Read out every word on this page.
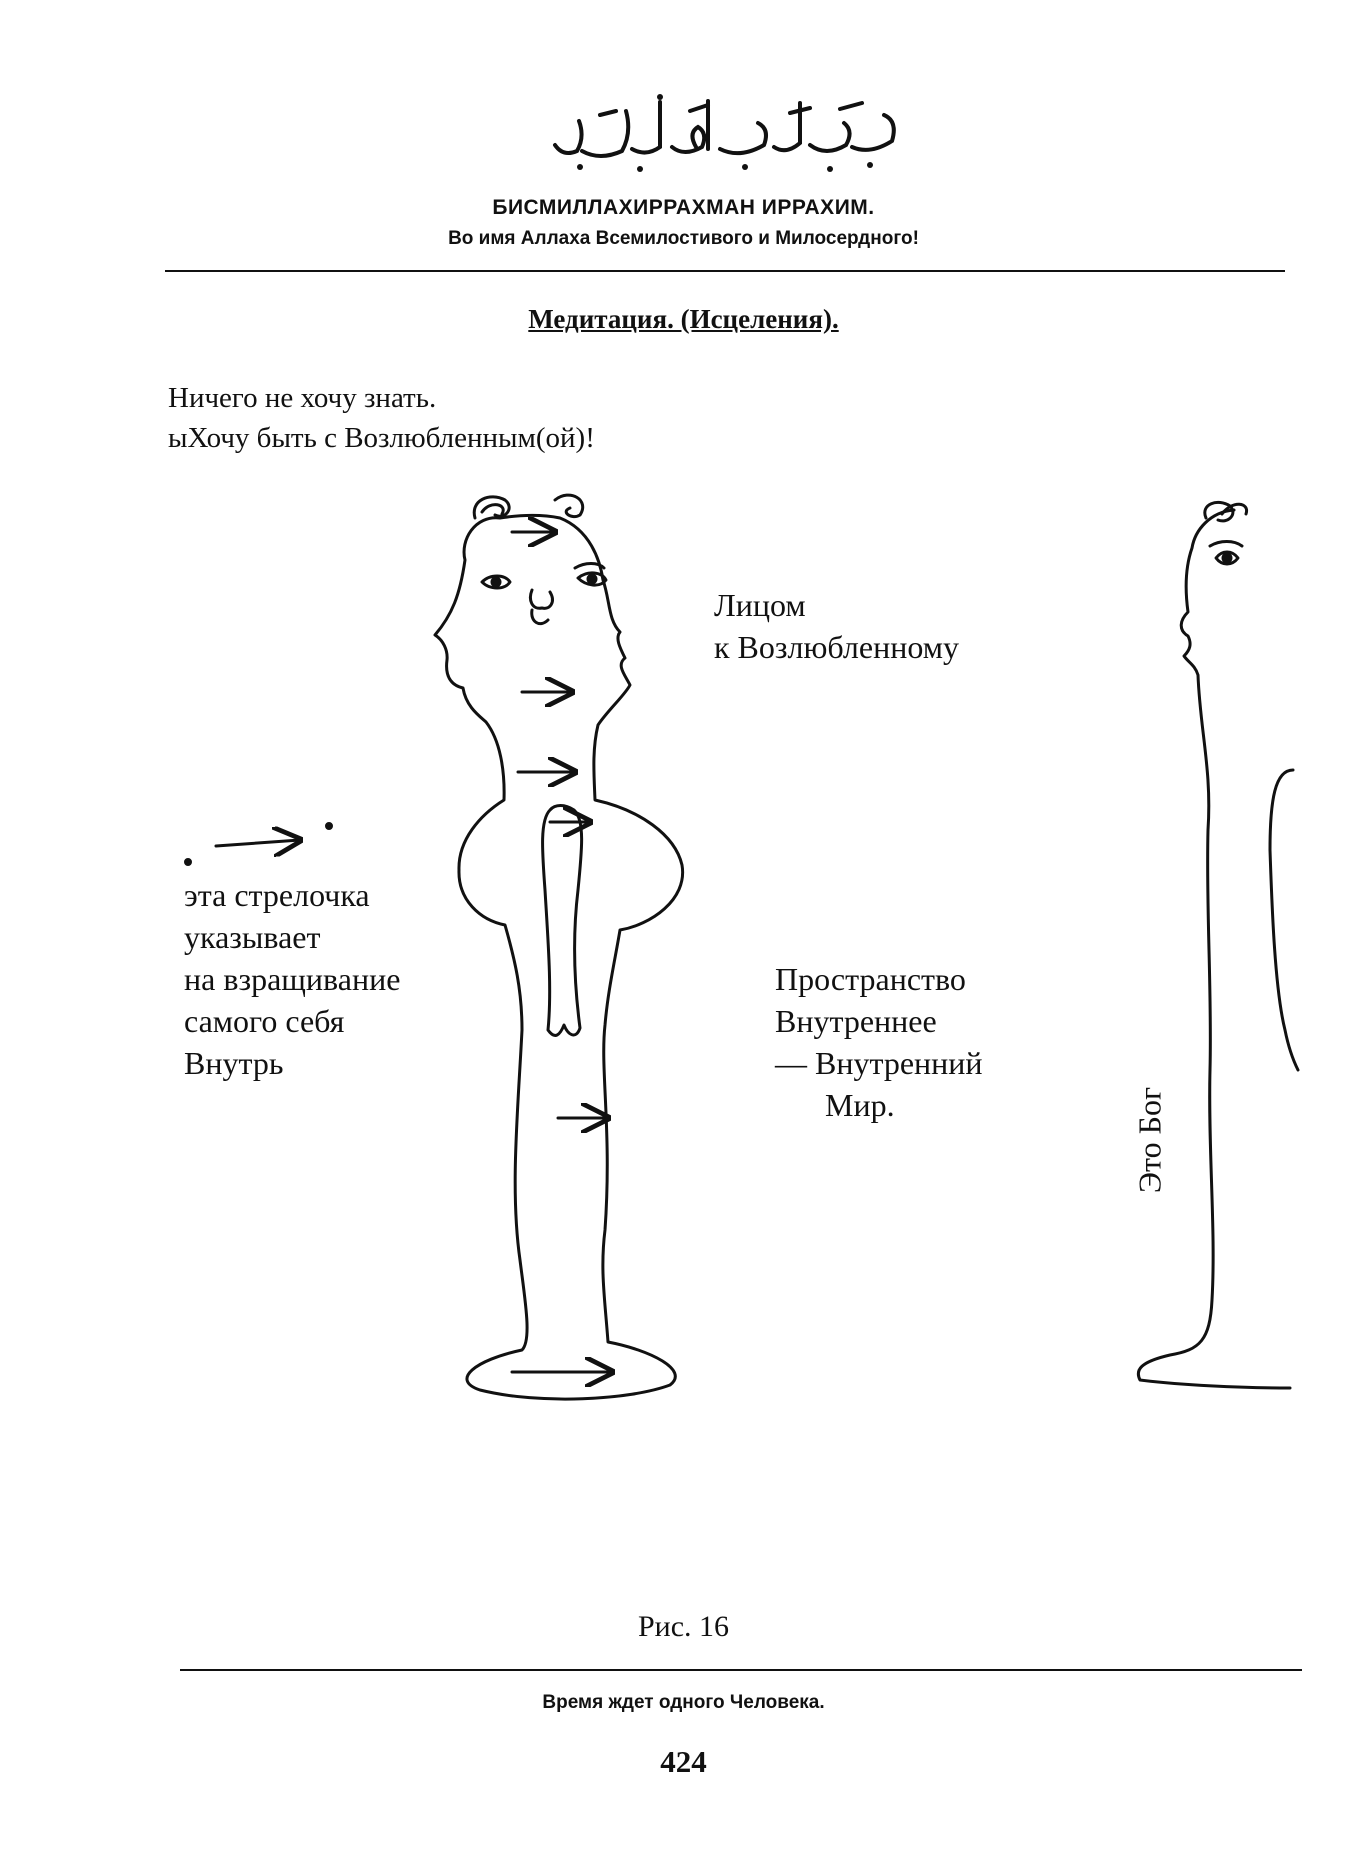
БИСМИЛЛАХИРРАХМАН ИРРАХИМ.
Во имя Аллаха Всемилостивого и Милосердного!
Медитация. (Исцеления).
Ничего не хочу знать.
ыХочу быть с Возлюбленным(ой)!
Лицом
к Возлюбленному
эта стрелочка
указывает
на взращивание
самого себя
Внутрь
Пространство
Внутреннее
— Внутренний
Мир.	Это Бог
Рис. 16
Время ждет одного Человека.
424
